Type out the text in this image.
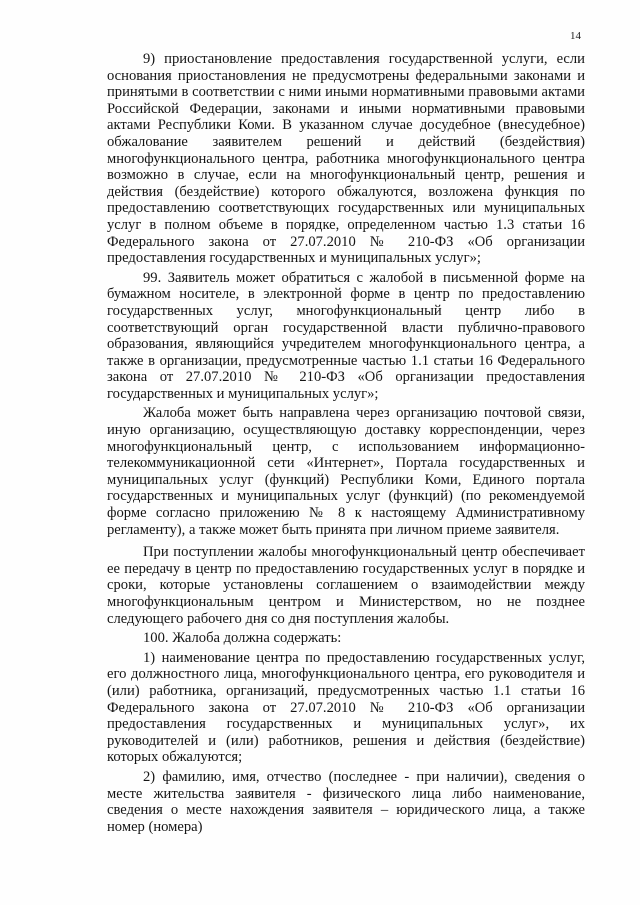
14

9) приостановление предоставления государственной услуги, если основания приостановления не предусмотрены федеральными законами и принятыми в соответствии с ними иными нормативными правовыми актами Российской Федерации, законами и иными нормативными правовыми актами Республики Коми. В указанном случае досудебное (внесудебное) обжалование заявителем решений и действий (бездействия) многофункционального центра, работника многофункционального центра возможно в случае, если на многофункциональный центр, решения и действия (бездействие) которого обжалуются, возложена функция по предоставлению соответствующих государственных или муниципальных услуг в полном объеме в порядке, определенном частью 1.3 статьи 16 Федерального закона от 27.07.2010 № 210-ФЗ «Об организации предоставления государственных и муниципальных услуг»;

99. Заявитель может обратиться с жалобой в письменной форме на бумажном носителе, в электронной форме в центр по предоставлению государственных услуг, многофункциональный центр либо в соответствующий орган государственной власти публично-правового образования, являющийся учредителем многофункционального центра, а также в организации, предусмотренные частью 1.1 статьи 16 Федерального закона от 27.07.2010 № 210-ФЗ «Об организации предоставления государственных и муниципальных услуг»;

Жалоба может быть направлена через организацию почтовой связи, иную организацию, осуществляющую доставку корреспонденции, через многофункциональный центр, с использованием информационно-телекоммуникационной сети «Интернет», Портала государственных и муниципальных услуг (функций) Республики Коми, Единого портала государственных и муниципальных услуг (функций) (по рекомендуемой форме согласно приложению № 8 к настоящему Административному регламенту), а также может быть принята при личном приеме заявителя.

При поступлении жалобы многофункциональный центр обеспечивает ее передачу в центр по предоставлению государственных услуг в порядке и сроки, которые установлены соглашением о взаимодействии между многофункциональным центром и Министерством, но не позднее следующего рабочего дня со дня поступления жалобы.

100. Жалоба должна содержать:

1) наименование центра по предоставлению государственных услуг, его должностного лица, многофункционального центра, его руководителя и (или) работника, организаций, предусмотренных частью 1.1 статьи 16 Федерального закона от 27.07.2010 № 210-ФЗ «Об организации предоставления государственных и муниципальных услуг», их руководителей и (или) работников, решения и действия (бездействие) которых обжалуются;

2) фамилию, имя, отчество (последнее - при наличии), сведения о месте жительства заявителя - физического лица либо наименование, сведения о месте нахождения заявителя – юридического лица, а также номер (номера)
